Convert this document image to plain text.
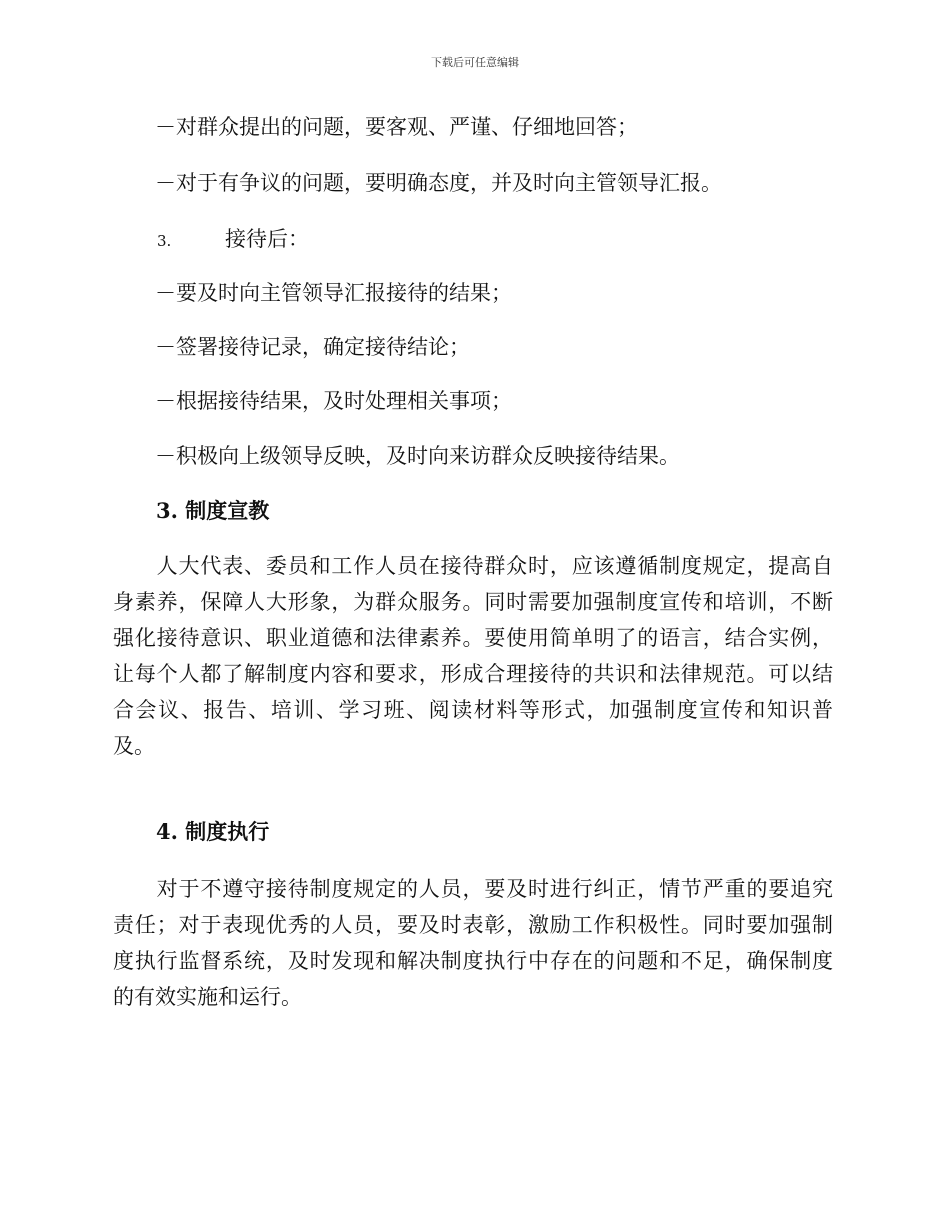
下载后可任意编辑
－对群众提出的问题，要客观、严谨、仔细地回答；
－对于有争议的问题，要明确态度，并及时向主管领导汇报。
3.	接待后：
－要及时向主管领导汇报接待的结果；
－签署接待记录，确定接待结论；
－根据接待结果，及时处理相关事项；
－积极向上级领导反映，及时向来访群众反映接待结果。
3. 制度宣教
　　人大代表、委员和工作人员在接待群众时，应该遵循制度规定，提高自
身素养，保障人大形象，为群众服务。同时需要加强制度宣传和培训，不断
强化接待意识、职业道德和法律素养。要使用简单明了的语言，结合实例，
让每个人都了解制度内容和要求，形成合理接待的共识和法律规范。可以结
合会议、报告、培训、学习班、阅读材料等形式，加强制度宣传和知识普
及。
4. 制度执行
　　对于不遵守接待制度规定的人员，要及时进行纠正，情节严重的要追究
责任；对于表现优秀的人员，要及时表彰，激励工作积极性。同时要加强制
度执行监督系统，及时发现和解决制度执行中存在的问题和不足，确保制度
的有效实施和运行。
